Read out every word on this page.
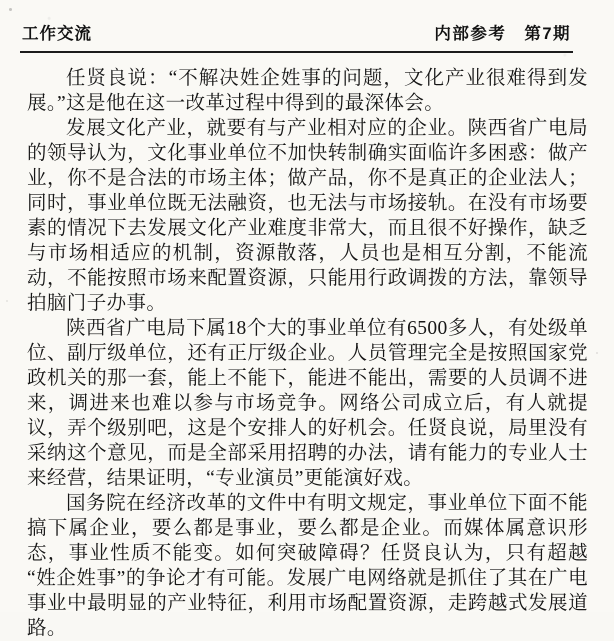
工作交流	内部参考　第7期

任贤良说：“不解决姓企姓事的问题，文化产业很难得到发展。”这是他在这一改革过程中得到的最深体会。

发展文化产业，就要有与产业相对应的企业。陕西省广电局的领导认为，文化事业单位不加快转制确实面临许多困惑：做产业，你不是合法的市场主体；做产品，你不是真正的企业法人；同时，事业单位既无法融资，也无法与市场接轨。在没有市场要素的情况下去发展文化产业难度非常大，而且很不好操作，缺乏与市场相适应的机制，资源散落，人员也是相互分割，不能流动，不能按照市场来配置资源，只能用行政调拨的方法，靠领导拍脑门子办事。

陕西省广电局下属18个大的事业单位有6500多人，有处级单位、副厅级单位，还有正厅级企业。人员管理完全是按照国家党政机关的那一套，能上不能下，能进不能出，需要的人员调不进来，调进来也难以参与市场竞争。网络公司成立后，有人就提议，弄个级别吧，这是个安排人的好机会。任贤良说，局里没有采纳这个意见，而是全部采用招聘的办法，请有能力的专业人士来经营，结果证明，“专业演员”更能演好戏。

国务院在经济改革的文件中有明文规定，事业单位下面不能搞下属企业，要么都是事业，要么都是企业。而媒体属意识形态，事业性质不能变。如何突破障碍？任贤良认为，只有超越“姓企姓事”的争论才有可能。发展广电网络就是抓住了其在广电事业中最明显的产业特征，利用市场配置资源，走跨越式发展道路。
